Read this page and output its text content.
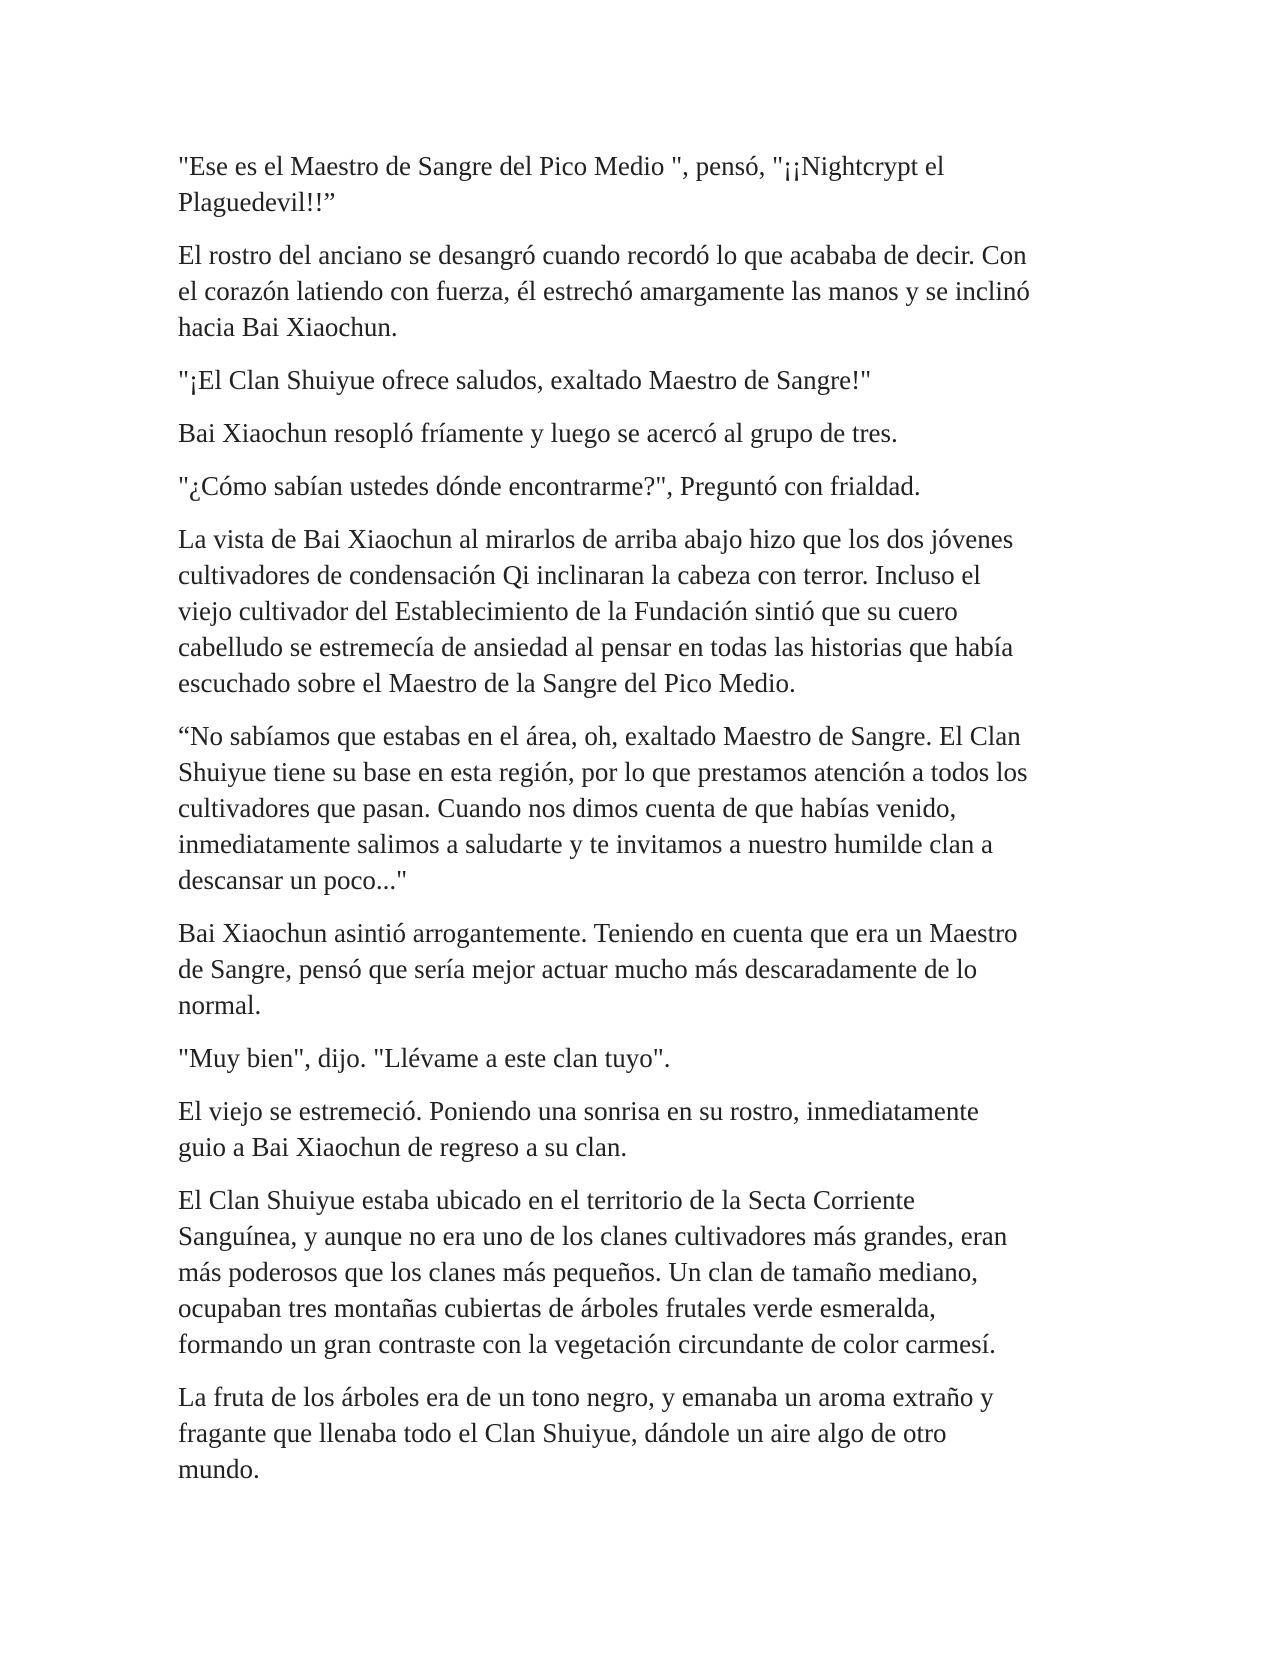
"Ese es el Maestro de Sangre del Pico Medio ", pensó, "¡¡Nightcrypt el
Plaguedevil!!”

El rostro del anciano se desangró cuando recordó lo que acababa de decir. Con
el corazón latiendo con fuerza, él estrechó amargamente las manos y se inclinó
hacia Bai Xiaochun.

"¡El Clan Shuiyue ofrece saludos, exaltado Maestro de Sangre!"

Bai Xiaochun resopló fríamente y luego se acercó al grupo de tres.

"¿Cómo sabían ustedes dónde encontrarme?", Preguntó con frialdad.

La vista de Bai Xiaochun al mirarlos de arriba abajo hizo que los dos jóvenes
cultivadores de condensación Qi inclinaran la cabeza con terror. Incluso el
viejo cultivador del Establecimiento de la Fundación sintió que su cuero
cabelludo se estremecía de ansiedad al pensar en todas las historias que había
escuchado sobre el Maestro de la Sangre del Pico Medio.

“No sabíamos que estabas en el área, oh, exaltado Maestro de Sangre. El Clan
Shuiyue tiene su base en esta región, por lo que prestamos atención a todos los
cultivadores que pasan. Cuando nos dimos cuenta de que habías venido,
inmediatamente salimos a saludarte y te invitamos a nuestro humilde clan a
descansar un poco..."

Bai Xiaochun asintió arrogantemente. Teniendo en cuenta que era un Maestro
de Sangre, pensó que sería mejor actuar mucho más descaradamente de lo
normal.

"Muy bien", dijo. "Llévame a este clan tuyo".

El viejo se estremeció. Poniendo una sonrisa en su rostro, inmediatamente
guio a Bai Xiaochun de regreso a su clan.

El Clan Shuiyue estaba ubicado en el territorio de la Secta Corriente
Sanguínea, y aunque no era uno de los clanes cultivadores más grandes, eran
más poderosos que los clanes más pequeños. Un clan de tamaño mediano,
ocupaban tres montañas cubiertas de árboles frutales verde esmeralda,
formando un gran contraste con la vegetación circundante de color carmesí.

La fruta de los árboles era de un tono negro, y emanaba un aroma extraño y
fragante que llenaba todo el Clan Shuiyue, dándole un aire algo de otro
mundo.
